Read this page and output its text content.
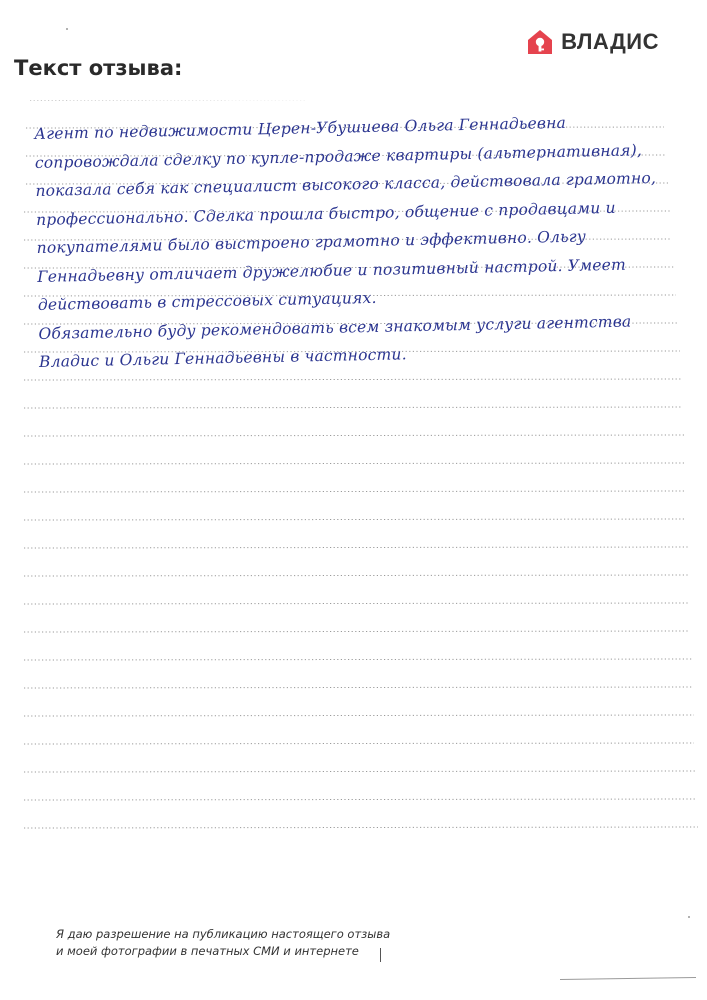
ВЛАДИС
Текст отзыва:
Агент по недвижимости Церен-Убушиева Ольга Геннадьевна
сопровождала сделку по купле-продаже квартиры (альтернативная),
показала себя как специалист высокого класса, действовала грамотно,
профессионально. Сделка прошла быстро, общение с продавцами и
покупателями было выстроено грамотно и эффективно. Ольгу
Геннадьевну отличает дружелюбие и позитивный настрой. Умеет
действовать в стрессовых ситуациях.
Обязательно буду рекомендовать всем знакомым услуги агентства
Владис и Ольги Геннадьевны в частности.
Я даю разрешение на публикацию настоящего отзыва
и моей фотографии в печатных СМИ и интернете
